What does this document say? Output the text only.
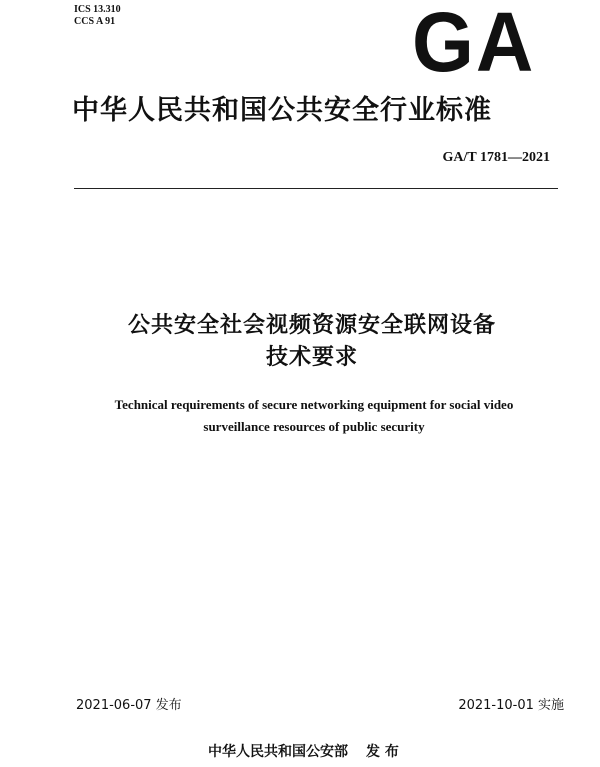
ICS 13.310
CCS A 91	GA
中华人民共和国公共安全行业标准
GA/T 1781—2021
公共安全社会视频资源安全联网设备
技术要求
Technical requirements of secure networking equipment for social video
surveillance resources of public security
2021-06-07 发布	2021-10-01 实施
中华人民共和国公安部 发 布
